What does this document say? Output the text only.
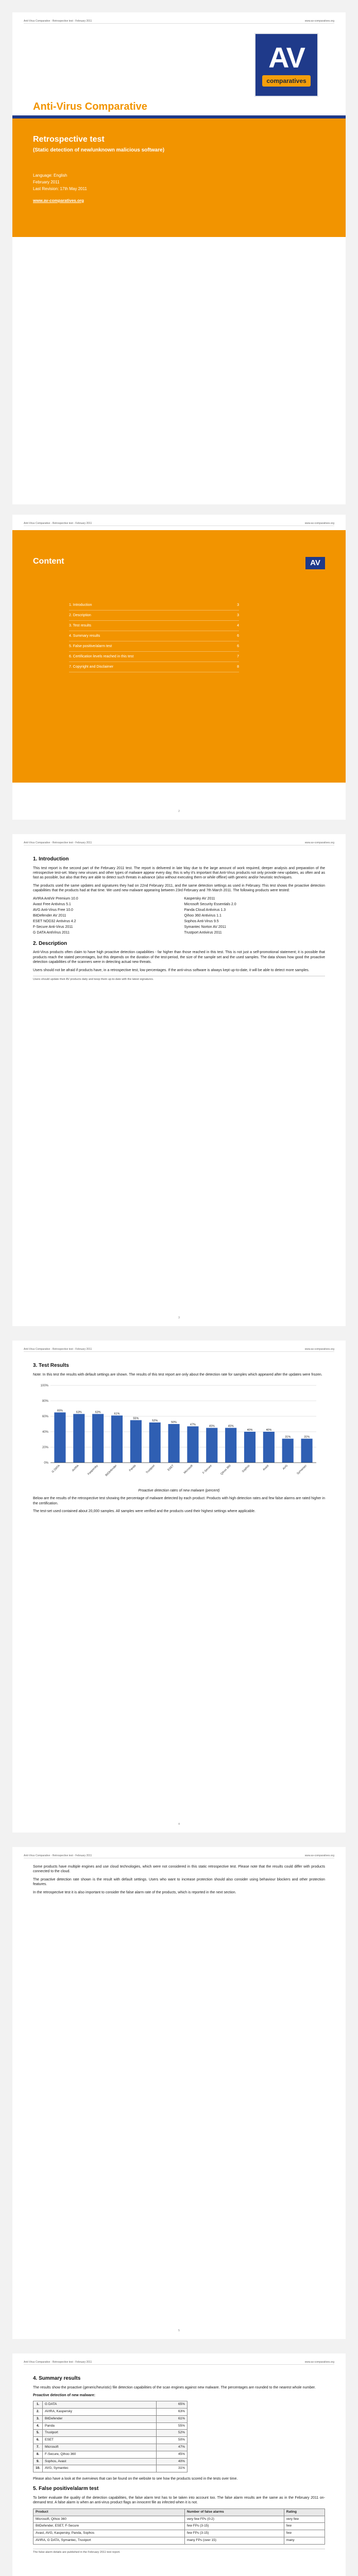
Anti-Virus Comparative - Retrospective test - February 2011	www.av-comparatives.org
AV
comparatives
Anti-Virus Comparative
Retrospective test
(Static detection of new/unknown malicious software)
Language: English
February 2011
Last Revision: 17th May 2011
www.av-comparatives.org
Anti-Virus Comparative - Retrospective test - February 2011	www.av-comparatives.org
Content	AV
1. Introduction	3
2. Description	3
3. Test results	4
4. Summary results	6
5. False positive/alarm test	6
6. Certification levels reached in this test	7
7. Copyright and Disclaimer	8
2
Anti-Virus Comparative - Retrospective test - February 2011	www.av-comparatives.org
1. Introduction

This test report is the second part of the February 2011 test. The report is delivered in late May due to the large amount of work required, deeper analysis and preparation of the retrospective test-set. Many new viruses and other types of malware appear every day, this is why it's important that Anti-Virus products not only provide new updates, as often and as fast as possible, but also that they are able to detect such threats in advance (also without executing them or while offline) with generic and/or heuristic techniques.

The products used the same updates and signatures they had on 22nd February 2011, and the same detection settings as used in February. This test shows the proactive detection capabilities that the products had at that time. We used new malware appearing between 23rd February and 7th March 2011. The following products were tested:

AVIRA AntiVir Premium 10.0
Avast Free Antivirus 5.1
AVG Anti-Virus Free 10.0
BitDefender AV 2011
ESET NOD32 Antivirus 4.2
F-Secure Anti-Virus 2011
G DATA AntiVirus 2011
Kaspersky AV 2011
Microsoft Security Essentials 2.0
Panda Cloud Antivirus 1.3
Qihoo 360 Antivirus 1.1
Sophos Anti-Virus 9.5
Symantec Norton AV 2011
Trustport Antivirus 2011
2. Description

Anti-Virus products often claim to have high proactive detection capabilities - far higher than those reached in this test. This is not just a self-promotional statement; it is possible that products reach the stated percentages, but this depends on the duration of the test-period, the size of the sample set and the used samples. The data shows how good the proactive detection capabilities of the scanners were in detecting actual new threats.

Users should not be afraid if products have, in a retrospective test, low percentages. If the anti-virus software is always kept up-to-date, it will be able to detect more samples.

Users should update their AV products daily and keep them up-to-date with the latest signatures.
3
Anti-Virus Comparative - Retrospective test - February 2011	www.av-comparatives.org
3. Test Results

Note: In this test the results with default settings are shown. The results of this test report are only about the detection rate for samples which appeared after the updates were frozen.

0%
20%
40%
60%
80%
100%
65%
G DATA
63%
AVIRA
63%
Kaspersky
61%
BitDefender
55%
Panda
52%
Trustport
50%
ESET
47%
Microsoft
45%
F-Secure
45%
Qihoo 360
40%
Sophos
40%
Avast
31%
AVG
31%
Symantec

Proactive detection rates of new malware (percent)

Below are the results of the retrospective test showing the percentage of malware detected by each product. Products with high detection rates and few false alarms are rated higher in the certification.

The test-set used contained about 20,000 samples. All samples were verified and the products used their highest settings where applicable.

4
Anti-Virus Comparative - Retrospective test - February 2011	www.av-comparatives.org

Some products have multiple engines and use cloud technologies, which were not considered in this static retrospective test. Please note that the results could differ with products connected to the cloud.

The proactive detection rate shown is the result with default settings. Users who want to increase protection should also consider using behaviour blockers and other protection features.

In the retrospective test it is also important to consider the false alarm rate of the products, which is reported in the next section.

5
Anti-Virus Comparative - Retrospective test - February 2011	www.av-comparatives.org
4. Summary results

The results show the proactive (generic/heuristic) file detection capabilities of the scan engines against new malware. The percentages are rounded to the nearest whole number.

Proactive detection of new malware:

1.	G DATA	65%
2.	AVIRA, Kaspersky	63%
3.	BitDefender	61%
4.	Panda	55%
5.	Trustport	52%
6.	ESET	50%
7.	Microsoft	47%
8.	F-Secure, Qihoo 360	45%
9.	Sophos, Avast	40%
10.	AVG, Symantec	31%

Please also have a look at the overviews that can be found on the website to see how the products scored in the tests over time.

5. False positive/alarm test

To better evaluate the quality of the detection capabilities, the false alarm test has to be taken into account too. The false alarm results are the same as in the February 2011 on-demand test. A false alarm is when an anti-virus product flags an innocent file as infected when it is not.

Product	Number of false alarms	Rating
Microsoft, Qihoo 360	very few FPs (0-2)	very few
BitDefender, ESET, F-Secure	few FPs (3-15)	few
Avast, AVG, Kaspersky, Panda, Sophos	few FPs (3-15)	few
AVIRA, G DATA, Symantec, Trustport	many FPs (over 15)	many
The false alarm details are published in the February 2011 test report.
